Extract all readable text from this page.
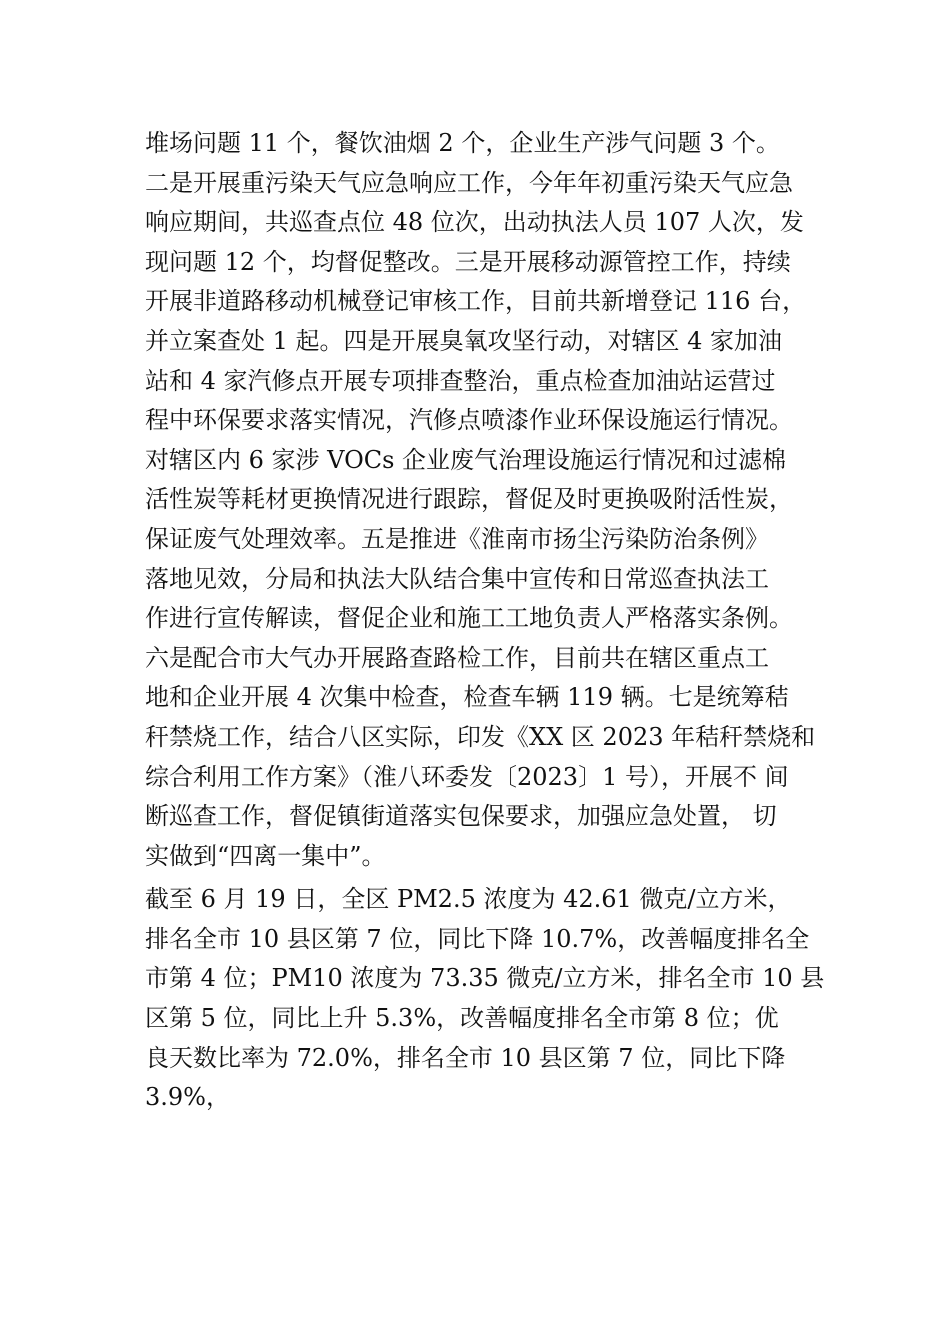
堆场问题 11 个，餐饮油烟 2 个，企业生产涉气问题 3 个。
二是开展重污染天气应急响应工作，今年年初重污染天气应急
响应期间，共巡查点位 48 位次，出动执法人员 107 人次，发
现问题 12 个，均督促整改。三是开展移动源管控工作，持续
开展非道路移动机械登记审核工作，目前共新增登记 116 台，
并立案查处 1 起。四是开展臭氧攻坚行动，对辖区 4 家加油
站和 4 家汽修点开展专项排查整治，重点检查加油站运营过
程中环保要求落实情况，汽修点喷漆作业环保设施运行情况。
对辖区内 6 家涉 VOCs 企业废气治理设施运行情况和过滤棉
活性炭等耗材更换情况进行跟踪，督促及时更换吸附活性炭，
保证废气处理效率。五是推进《淮南市扬尘污染防治条例》
落地见效，分局和执法大队结合集中宣传和日常巡查执法工
作进行宣传解读，督促企业和施工工地负责人严格落实条例。
六是配合市大气办开展路查路检工作，目前共在辖区重点工
地和企业开展 4 次集中检查，检查车辆 119 辆。七是统筹秸
秆禁烧工作，结合八区实际，印发《XX 区 2023 年秸秆禁烧和
综合利用工作方案》（淮八环委发〔2023〕1 号），开展不 间
断巡查工作，督促镇街道落实包保要求，加强应急处置， 切
实做到“四离一集中”。
截至 6 月 19 日，全区 PM2.5 浓度为 42.61 微克/立方米，
排名全市 10 县区第 7 位，同比下降 10.7%，改善幅度排名全
市第 4 位；PM10 浓度为 73.35 微克/立方米，排名全市 10 县
区第 5 位，同比上升 5.3%，改善幅度排名全市第 8 位；优
良天数比率为 72.0%，排名全市 10 县区第 7 位，同比下降
3.9%，
